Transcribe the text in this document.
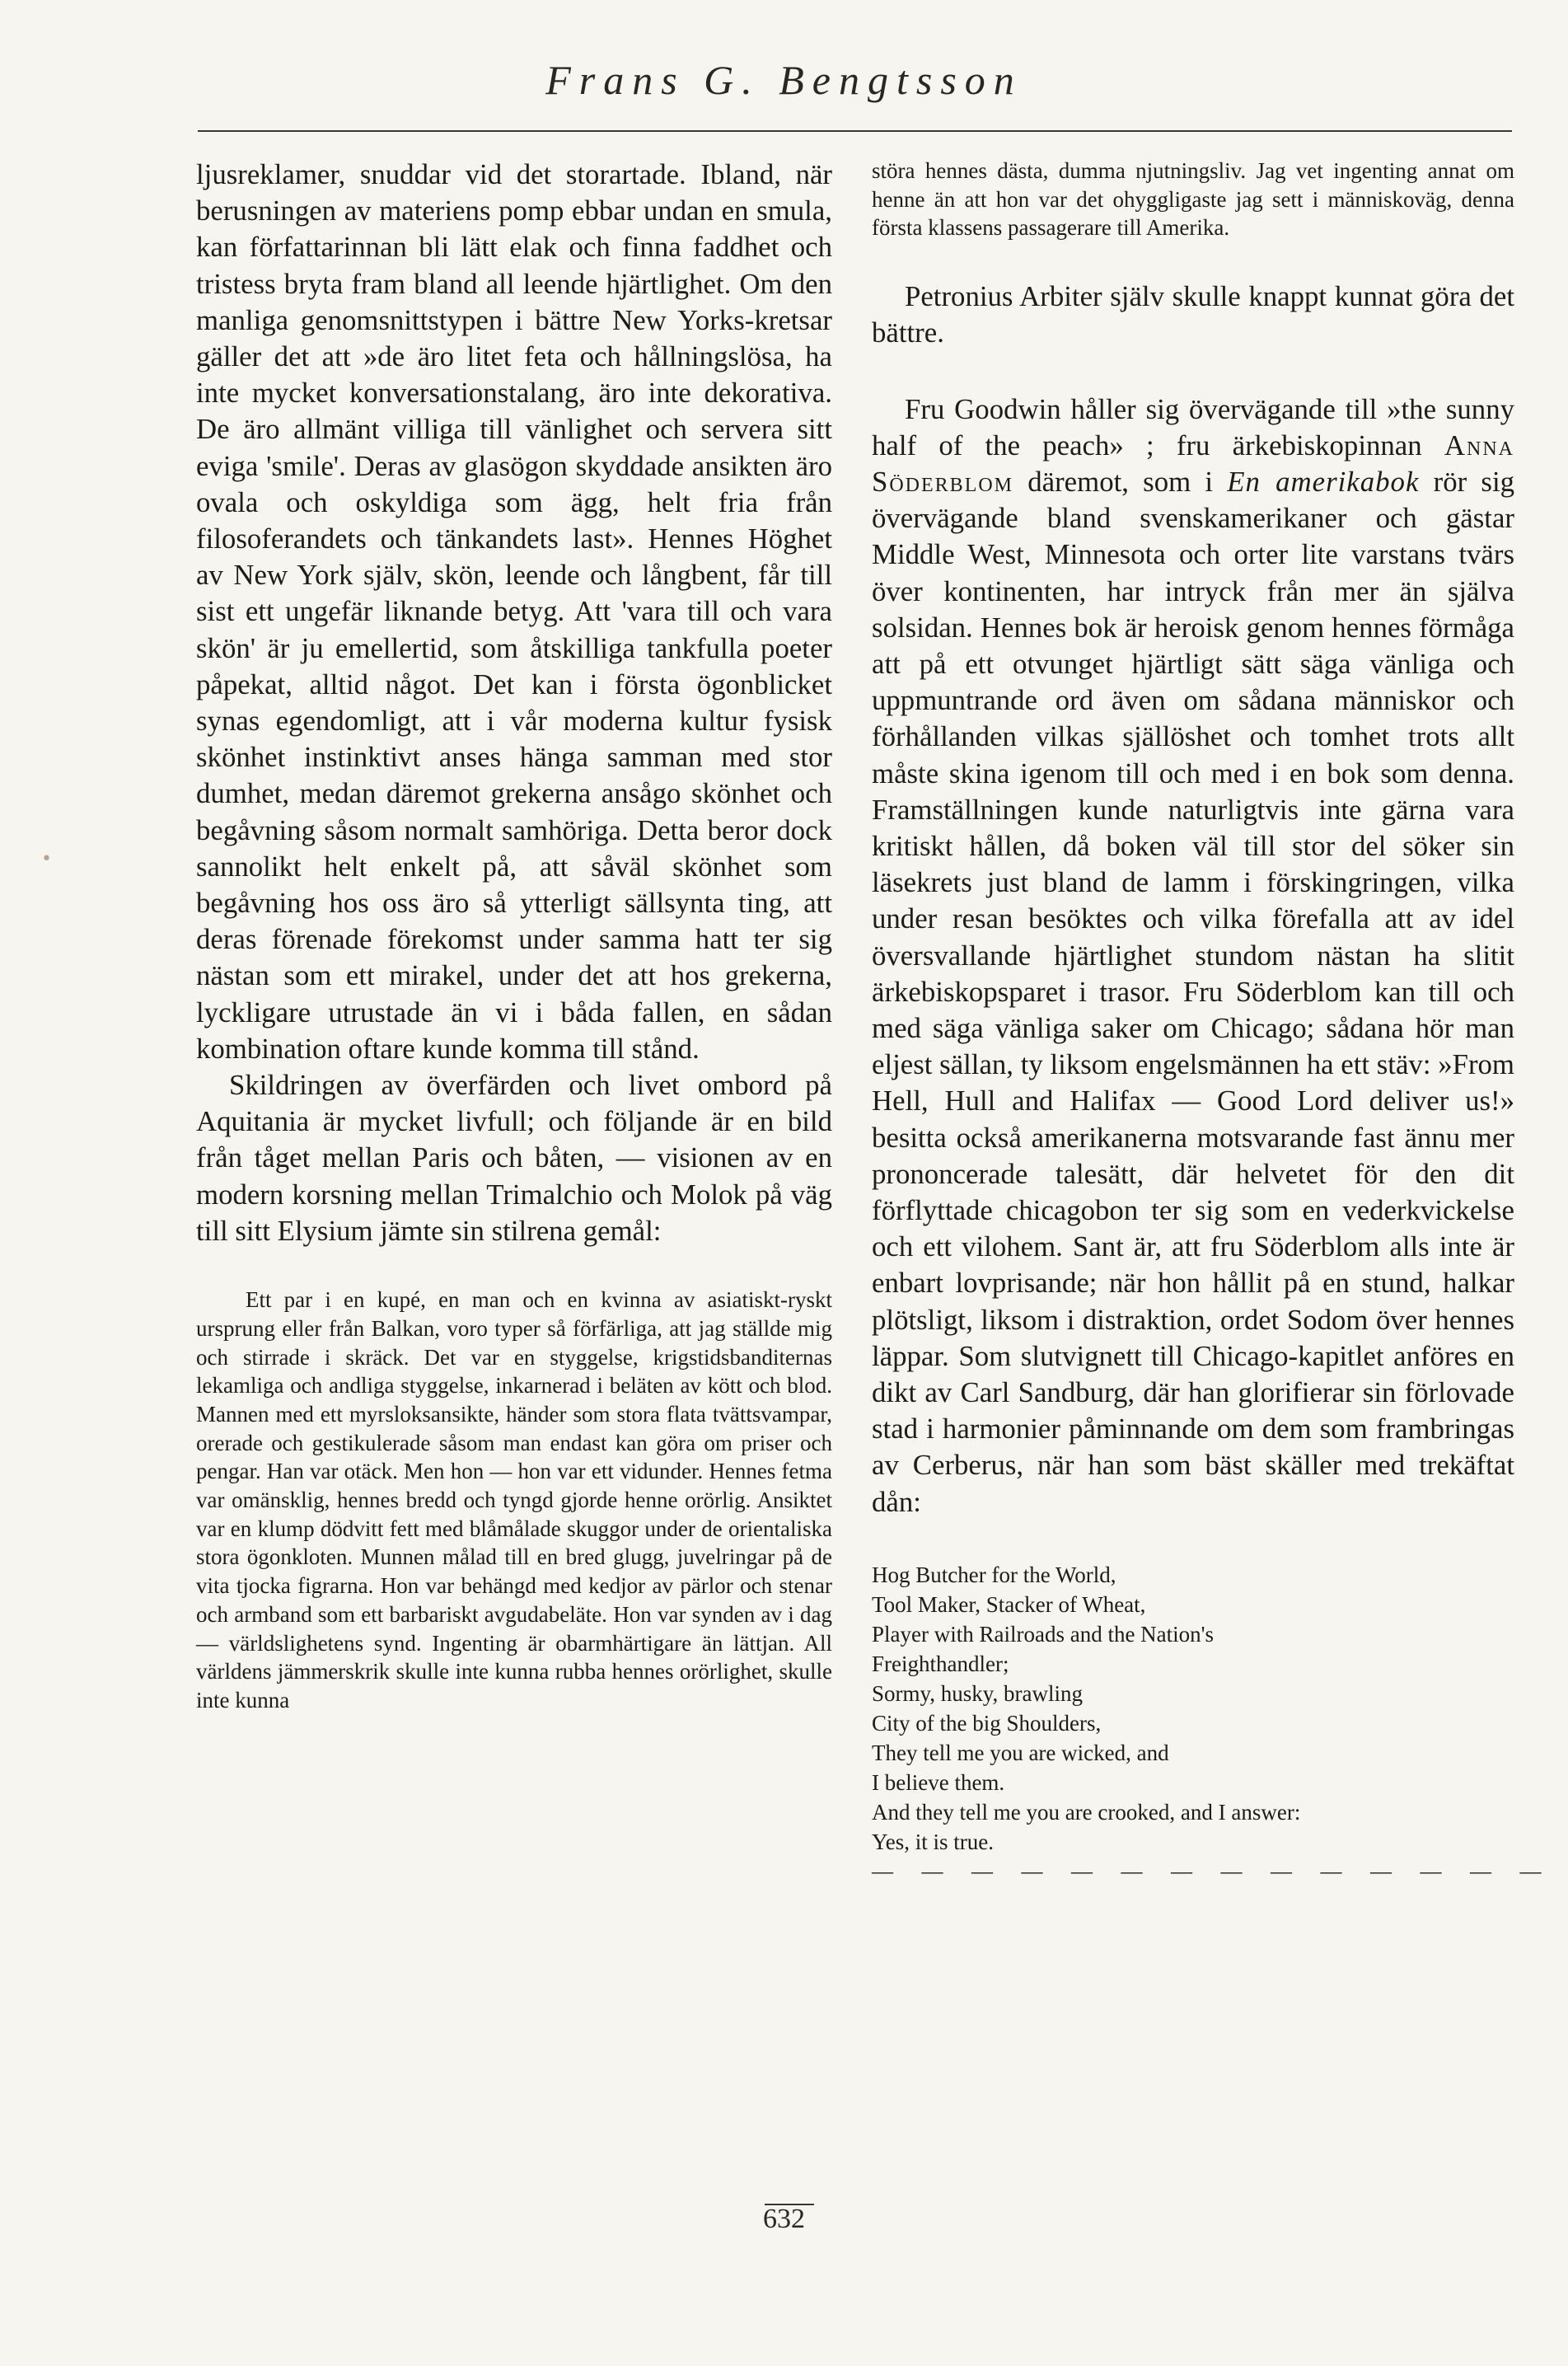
Frans G. Bengtsson

ljusreklamer, snuddar vid det storartade. Ibland, när berusningen av materiens pomp ebbar undan en smula, kan författarinnan bli lätt elak och finna faddhet och tristess bryta fram bland all leende hjärtlighet. Om den manliga genomsnittstypen i bättre New Yorks-kretsar gäller det att »de äro litet feta och hållningslösa, ha inte mycket konversationstalang, äro inte dekorativa. De äro allmänt villiga till vänlighet och servera sitt eviga 'smile'. Deras av glasögon skyddade ansikten äro ovala och oskyldiga som ägg, helt fria från filosoferandets och tänkandets last». Hennes Höghet av New York själv, skön, leende och långbent, får till sist ett ungefär liknande betyg. Att 'vara till och vara skön' är ju emellertid, som åtskilliga tankfulla poeter påpekat, alltid något. Det kan i första ögonblicket synas egendomligt, att i vår moderna kultur fysisk skönhet instinktivt anses hänga samman med stor dumhet, medan däremot grekerna ansågo skönhet och begåvning såsom normalt samhöriga. Detta beror dock sannolikt helt enkelt på, att såväl skönhet som begåvning hos oss äro så ytterligt sällsynta ting, att deras förenade förekomst under samma hatt ter sig nästan som ett mirakel, under det att hos grekerna, lyckligare utrustade än vi i båda fallen, en sådan kombination oftare kunde komma till stånd.

Skildringen av överfärden och livet ombord på Aquitania är mycket livfull; och följande är en bild från tåget mellan Paris och båten, — visionen av en modern korsning mellan Trimalchio och Molok på väg till sitt Elysium jämte sin stilrena gemål:

Ett par i en kupé, en man och en kvinna av asiatiskt-ryskt ursprung eller från Balkan, voro typer så förfärliga, att jag ställde mig och stirrade i skräck. Det var en styggelse, krigstidsbanditernas lekamliga och andliga styggelse, inkarnerad i beläten av kött och blod. Mannen med ett myrsloksansikte, händer som stora flata tvättsvampar, orerade och gestikulerade såsom man endast kan göra om priser och pengar. Han var otäck. Men hon — hon var ett vidunder. Hennes fetma var omänsklig, hennes bredd och tyngd gjorde henne orörlig. Ansiktet var en klump dödvitt fett med blåmålade skuggor under de orientaliska stora ögonkloten. Munnen målad till en bred glugg, juvelringar på de vita tjocka figrarna. Hon var behängd med kedjor av pärlor och stenar och armband som ett barbariskt avgudabeläte. Hon var synden av i dag — världslighetens synd. Ingenting är obarmhärtigare än lättjan. All världens jämmerskrik skulle inte kunna rubba hennes orörlighet, skulle inte kunna

störa hennes dästa, dumma njutningsliv. Jag vet ingenting annat om henne än att hon var det ohyggligaste jag sett i människoväg, denna första klassens passagerare till Amerika.

Petronius Arbiter själv skulle knappt kunnat göra det bättre.

Fru Goodwin håller sig övervägande till »the sunny half of the peach» ; fru ärkebiskopinnan Anna Söderblom däremot, som i En amerikabok rör sig övervägande bland svenskamerikaner och gästar Middle West, Minnesota och orter lite varstans tvärs över kontinenten, har intryck från mer än själva solsidan. Hennes bok är heroisk genom hennes förmåga att på ett otvunget hjärtligt sätt säga vänliga och uppmuntrande ord även om sådana människor och förhållanden vilkas själlöshet och tomhet trots allt måste skina igenom till och med i en bok som denna. Framställningen kunde naturligtvis inte gärna vara kritiskt hållen, då boken väl till stor del söker sin läsekrets just bland de lamm i förskingringen, vilka under resan besöktes och vilka förefalla att av idel översvallande hjärtlighet stundom nästan ha slitit ärkebiskopsparet i trasor. Fru Söderblom kan till och med säga vänliga saker om Chicago; sådana hör man eljest sällan, ty liksom engelsmännen ha ett stäv: »From Hell, Hull and Halifax — Good Lord deliver us!» besitta också amerikanerna motsvarande fast ännu mer prononcerade talesätt, där helvetet för den dit förflyttade chicagobon ter sig som en vederkvickelse och ett vilohem. Sant är, att fru Söderblom alls inte är enbart lovprisande; när hon hållit på en stund, halkar plötsligt, liksom i distraktion, ordet Sodom över hennes läppar. Som slutvignett till Chicago-kapitlet anföres en dikt av Carl Sandburg, där han glorifierar sin förlovade stad i harmonier påminnande om dem som frambringas av Cerberus, när han som bäst skäller med trekäftat dån:

Hog Butcher for the World,
Tool Maker, Stacker of Wheat,
Player with Railroads and the Nation's
Freighthandler;
Sormy, husky, brawling
City of the big Shoulders,
They tell me you are wicked, and
I believe them.
And they tell me you are crooked, and I answer:
Yes, it is true.
— — — — — — — — — — — — — —
632
•
